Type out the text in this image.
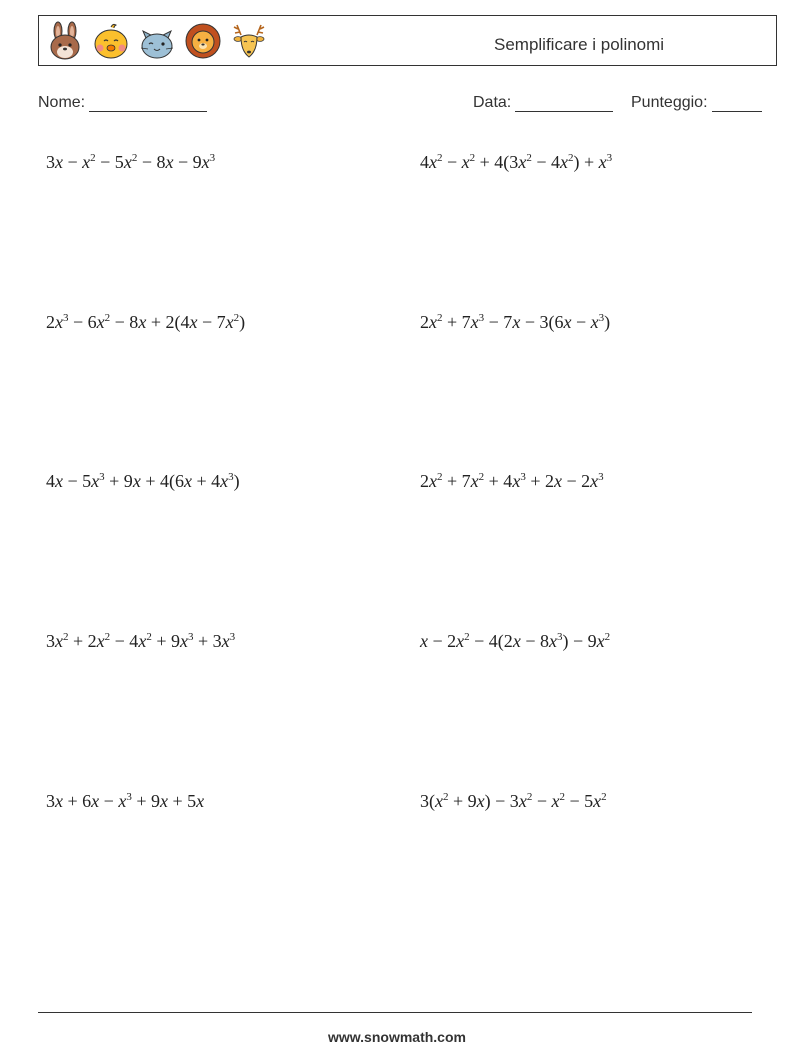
Semplificare i polinomi
Nome:	Data:	Punteggio:
$3x - x^2 - 5x^2 - 8x - 9x^3$	$4x^2 - x^2 + 4(3x^2 - 4x^2) + x^3$
$2x^3 - 6x^2 - 8x + 2(4x - 7x^2)$	$2x^2 + 7x^3 - 7x - 3(6x - x^3)$
$4x - 5x^3 + 9x + 4(6x + 4x^3)$	$2x^2 + 7x^2 + 4x^3 + 2x - 2x^3$
$3x^2 + 2x^2 - 4x^2 + 9x^3 + 3x^3$	$x - 2x^2 - 4(2x - 8x^3) - 9x^2$
$3x + 6x - x^3 + 9x + 5x$	$3(x^2 + 9x) - 3x^2 - x^2 - 5x^2$
www.snowmath.com
